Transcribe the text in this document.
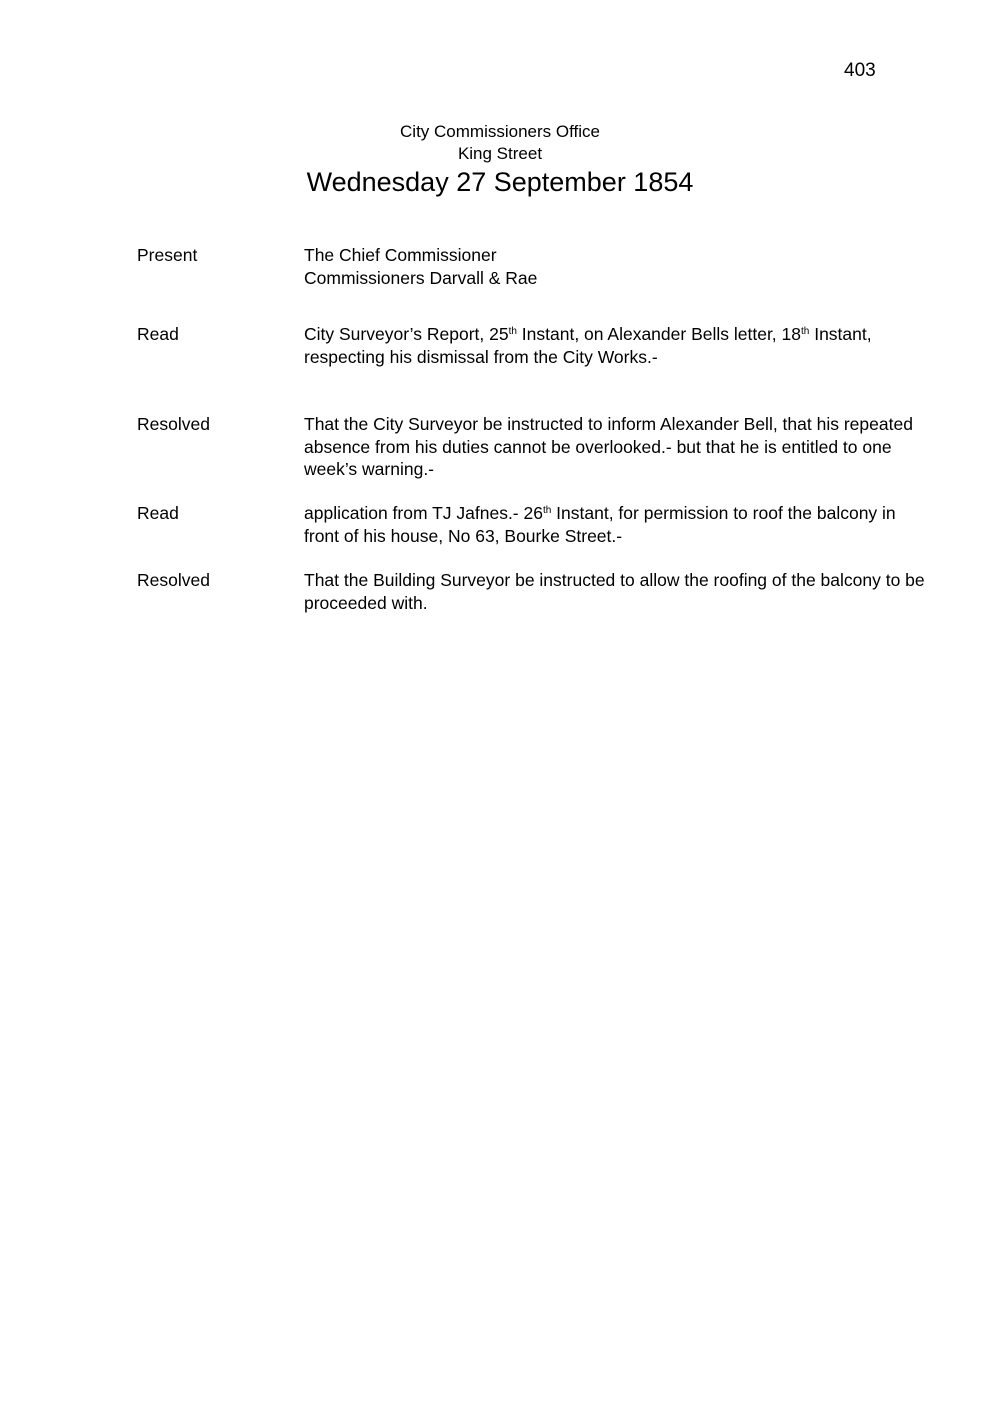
403
City Commissioners Office
King Street
Wednesday 27 September 1854
Present	The Chief Commissioner

Commissioners Darvall & Rae

Read	City Surveyor’s Report, 25th Instant, on Alexander Bells letter, 18th Instant, respecting his dismissal from the City Works.-

Resolved	That the City Surveyor be instructed to inform Alexander Bell, that his repeated absence from his duties cannot be overlooked.- but that he is entitled to one week’s warning.-

Read	application from TJ Jafnes.- 26th Instant, for permission to roof the balcony in front of his house, No 63, Bourke Street.-

Resolved	That the Building Surveyor be instructed to allow the roofing of the balcony to be proceeded with.
